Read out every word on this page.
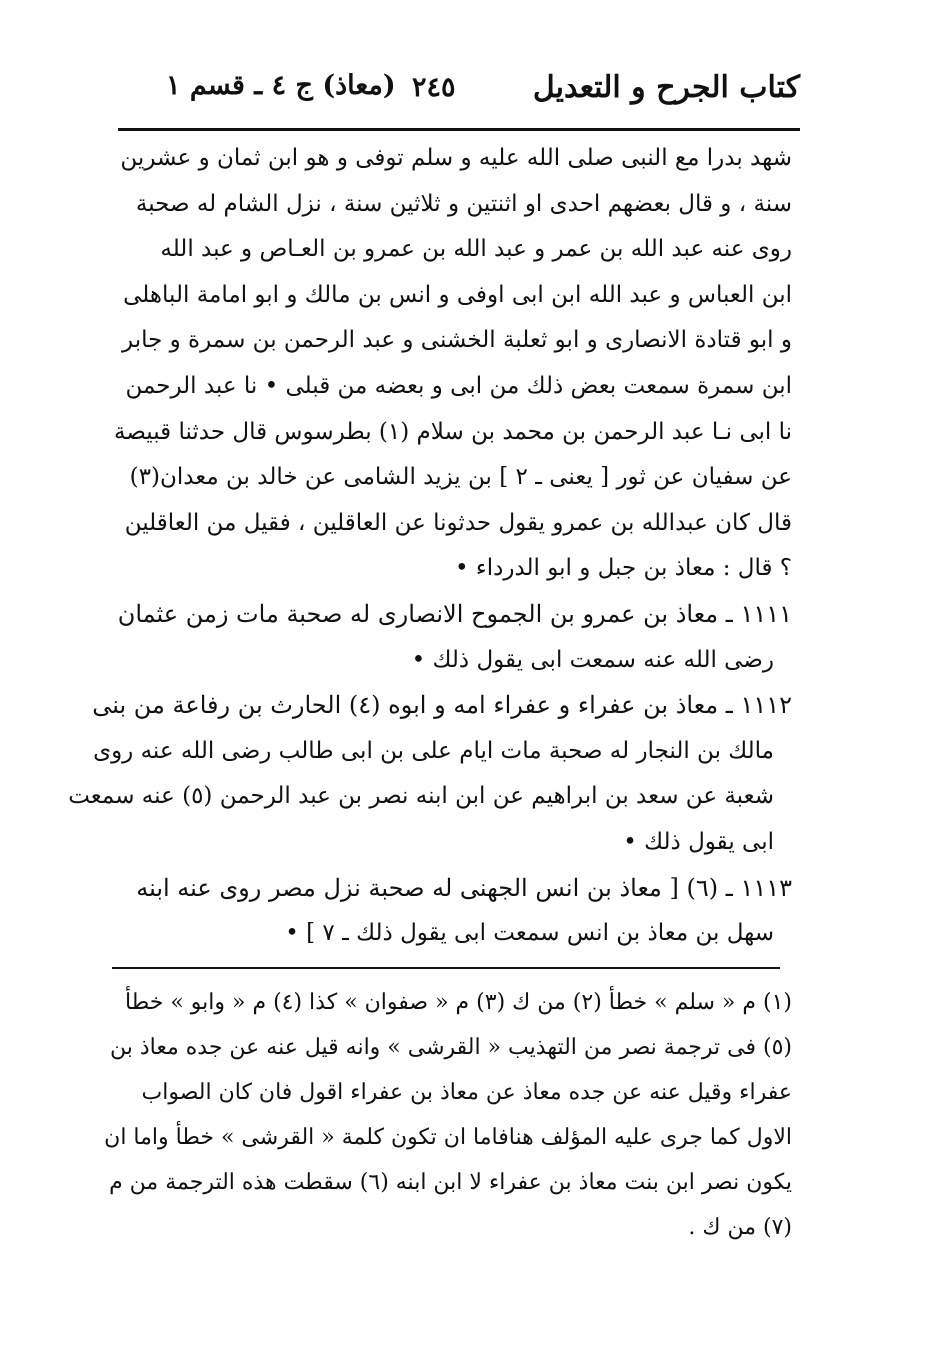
كتاب الجرح و التعديل
٢٤٥
(معاذ) ج ٤ ـ قسم ١
شهد بدرا مع النبى صلى الله عليه و سلم توفى و هو ابن ثمان و عشرين
سنة ، و قال بعضهم احدى او اثنتين و ثلاثين سنة ، نزل الشام له صحبة
روى عنه عبد الله بن عمر و عبد الله بن عمرو بن العـاص و عبد الله
ابن العباس و عبد الله ابن ابى اوفى و انس بن مالك و ابو امامة الباهلى
و ابو قتادة الانصارى و ابو ثعلبة الخشنى و عبد الرحمن بن سمرة و جابر
ابن سمرة سمعت بعض ذلك من ابى و بعضه من قبلى • نا عبد الرحمن
نا ابى نـا عبد الرحمن بن محمد بن سلام (١) بطرسوس قال حدثنا قبيصة
عن سفيان عن ثور [ يعنى ـ ٢ ] بن يزيد الشامى عن خالد بن معدان(٣)
قال كان عبدالله بن عمرو يقول حدثونا عن العاقلين ، فقيل من العاقلين
؟ قال : معاذ بن جبل و ابو الدرداء •
١١١١ ـ معاذ بن عمرو بن الجموح الانصارى له صحبة مات زمن عثمان
رضى الله عنه سمعت ابى يقول ذلك •
١١١٢ ـ معاذ بن عفراء و عفراء امه و ابوه (٤) الحارث بن رفاعة من بنى
مالك بن النجار له صحبة مات ايام على بن ابى طالب رضى الله عنه روى
شعبة عن سعد بن ابراهيم عن ابن ابنه نصر بن عبد الرحمن (٥) عنه سمعت
ابى يقول ذلك •
١١١٣ ـ (٦) [ معاذ بن انس الجهنى له صحبة نزل مصر روى عنه ابنه
سهل بن معاذ بن انس سمعت ابى يقول ذلك ـ ٧ ] •
(١) م « سلم » خطأ (٢) من ك (٣) م « صفوان » كذا (٤) م « وابو » خطأ
(٥) فى ترجمة نصر من التهذيب « القرشى » وانه قيل عنه عن جده معاذ بن
عفراء وقيل عنه عن جده معاذ عن معاذ بن عفراء اقول فان كان الصواب
الاول كما جرى عليه المؤلف هنافاما ان تكون كلمة « القرشى » خطأ واما ان
يكون نصر ابن بنت معاذ بن عفراء لا ابن ابنه (٦) سقطت هذه الترجمة من م
(٧) من ك .
